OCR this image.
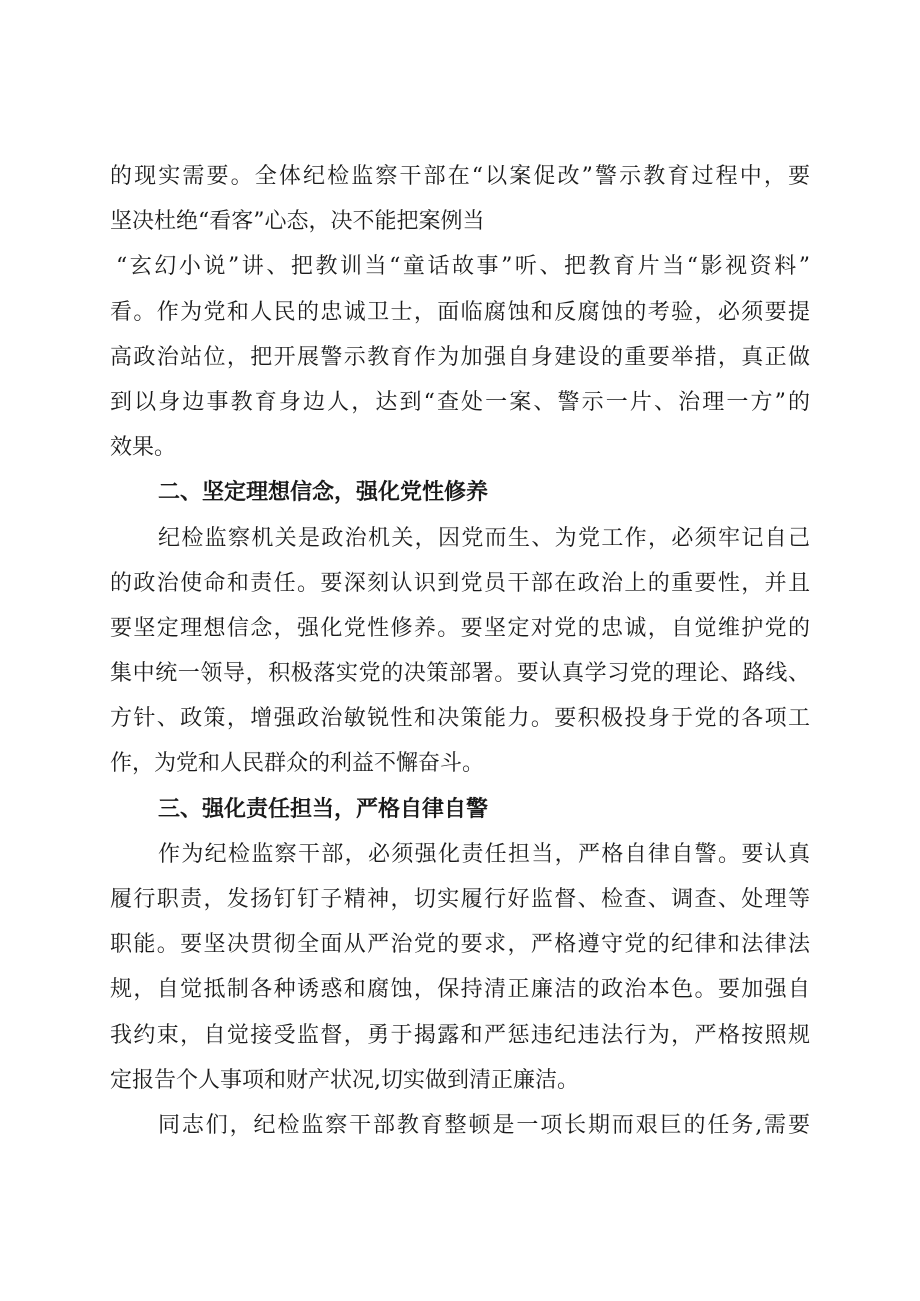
的现实需要。全体纪检监察干部在“以案促改”警示教育过程中，要
坚决杜绝“看客”心态，决不能把案例当
“玄幻小说”讲、把教训当“童话故事”听、把教育片当“影视资料”
看。作为党和人民的忠诚卫士，面临腐蚀和反腐蚀的考验，必须要提
高政治站位，把开展警示教育作为加强自身建设的重要举措，真正做
到以身边事教育身边人，达到“查处一案、警示一片、治理一方”的
效果。
二、坚定理想信念，强化党性修养
纪检监察机关是政治机关，因党而生、为党工作，必须牢记自己
的政治使命和责任。要深刻认识到党员干部在政治上的重要性，并且
要坚定理想信念，强化党性修养。要坚定对党的忠诚，自觉维护党的
集中统一领导，积极落实党的决策部署。要认真学习党的理论、路线、
方针、政策，增强政治敏锐性和决策能力。要积极投身于党的各项工
作，为党和人民群众的利益不懈奋斗。
三、强化责任担当，严格自律自警
作为纪检监察干部，必须强化责任担当，严格自律自警。要认真
履行职责，发扬钉钉子精神，切实履行好监督、检查、调查、处理等
职能。要坚决贯彻全面从严治党的要求，严格遵守党的纪律和法律法
规，自觉抵制各种诱惑和腐蚀，保持清正廉洁的政治本色。要加强自
我约束，自觉接受监督，勇于揭露和严惩违纪违法行为，严格按照规
定报告个人事项和财产状况,切实做到清正廉洁。
同志们，纪检监察干部教育整顿是一项长期而艰巨的任务,需要
